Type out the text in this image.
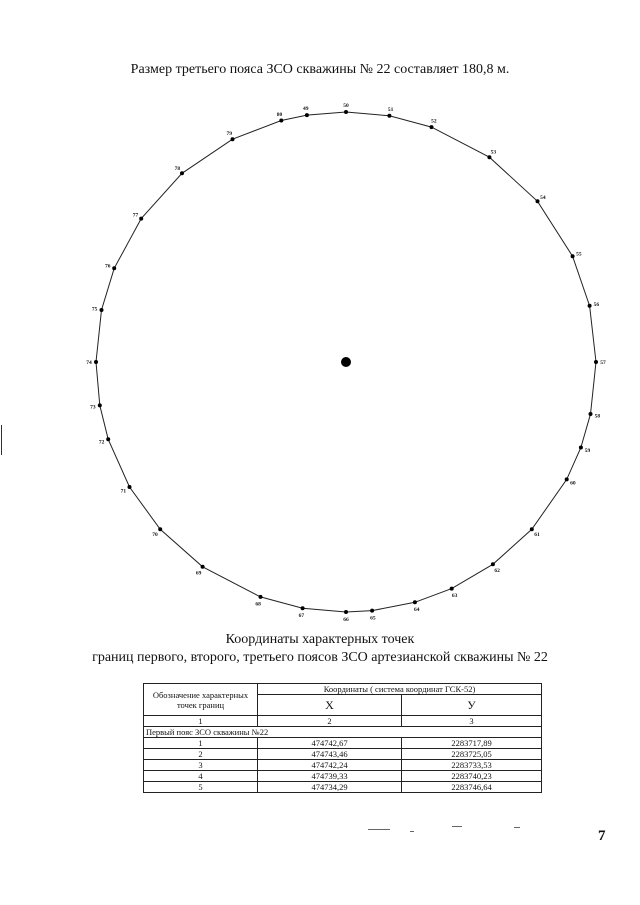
Размер третьего пояса ЗСО скважины № 22 составляет 180,8 м.
50
51
52
53
54
55
56
57
58
59
60
61
62
63
64
65
66
67
68
69
70
71
72
73
74
75
76
77
78
79
80
49
Координаты характерных точек
границ первого, второго, третьего поясов ЗСО артезианской скважины № 22
Обозначение характерных точек границ	Координаты ( система координат ГСК-52)	
	X	У
1	2	3
Первый пояс ЗСО скважины №22		
1	474742,67	2283717,89
2	474743,46	2283725,05
3	474742,24	2283733,53
4	474739,33	2283740,23
5	474734,29	2283746,64
7
